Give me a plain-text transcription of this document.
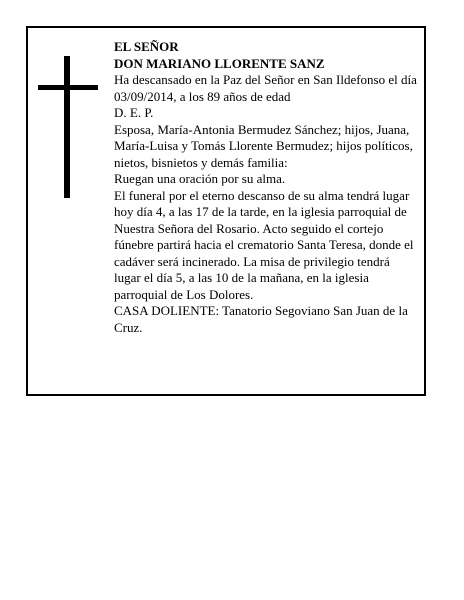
EL SEÑOR

DON MARIANO LLORENTE SANZ

Ha descansado en la Paz del Señor en San Ildefonso el día 03/09/2014, a los 89 años de edad

D. E. P.

Esposa, María-Antonia Bermudez Sánchez; hijos, Juana, María-Luisa y Tomás Llorente Bermudez; hijos políticos, nietos, bisnietos y demás familia:

Ruegan una oración por su alma.

El funeral por el eterno descanso de su alma tendrá lugar hoy día 4, a las 17 de la tarde, en la iglesia parroquial de Nuestra Señora del Rosario. Acto seguido el cortejo fúnebre partirá hacia el crematorio Santa Teresa, donde el cadáver será incinerado. La misa de privilegio tendrá lugar el día 5, a las 10 de la mañana, en la iglesia parroquial de Los Dolores.

CASA DOLIENTE: Tanatorio Segoviano San Juan de la Cruz.
